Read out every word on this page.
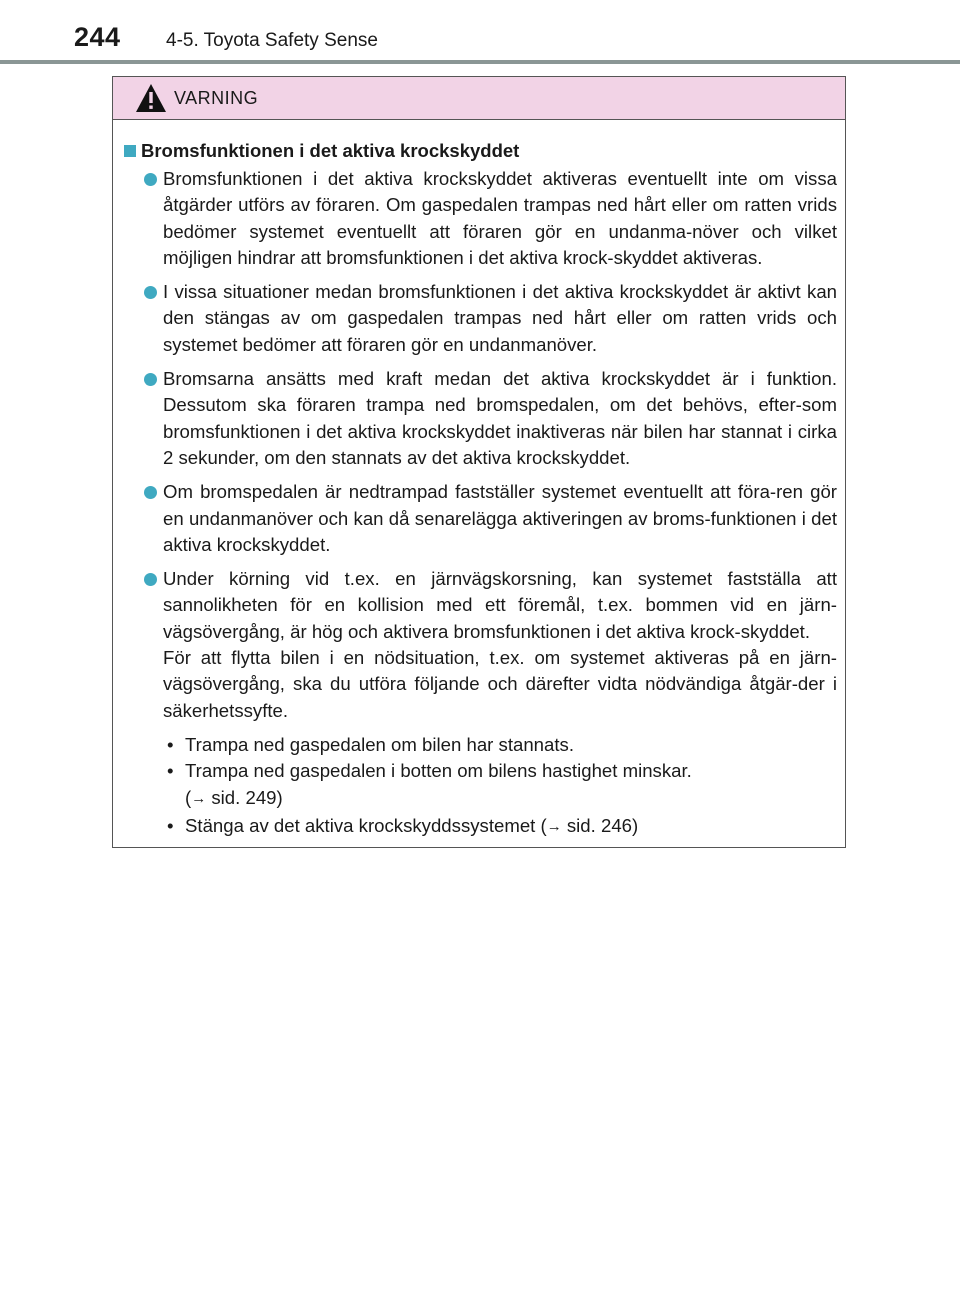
244 4-5. Toyota Safety Sense
VARNING
Bromsfunktionen i det aktiva krockskyddet
Bromsfunktionen i det aktiva krockskyddet aktiveras eventuellt inte om vissa åtgärder utförs av föraren. Om gaspedalen trampas ned hårt eller om ratten vrids bedömer systemet eventuellt att föraren gör en undanma-növer och vilket möjligen hindrar att bromsfunktionen i det aktiva krock-skyddet aktiveras.
I vissa situationer medan bromsfunktionen i det aktiva krockskyddet är aktivt kan den stängas av om gaspedalen trampas ned hårt eller om ratten vrids och systemet bedömer att föraren gör en undanmanöver.
Bromsarna ansätts med kraft medan det aktiva krockskyddet är i funktion. Dessutom ska föraren trampa ned bromspedalen, om det behövs, efter-som bromsfunktionen i det aktiva krockskyddet inaktiveras när bilen har stannat i cirka 2 sekunder, om den stannats av det aktiva krockskyddet.
Om bromspedalen är nedtrampad fastställer systemet eventuellt att föra-ren gör en undanmanöver och kan då senarelägga aktiveringen av broms-funktionen i det aktiva krockskyddet.
Under körning vid t.ex. en järnvägskorsning, kan systemet fastställa att sannolikheten för en kollision med ett föremål, t.ex. bommen vid en järn-vägsövergång, är hög och aktivera bromsfunktionen i det aktiva krock-skyddet.
För att flytta bilen i en nödsituation, t.ex. om systemet aktiveras på en järn-vägsövergång, ska du utföra följande och därefter vidta nödvändiga åtgär-der i säkerhetssyfte.
• Trampa ned gaspedalen om bilen har stannats.
• Trampa ned gaspedalen i botten om bilens hastighet minskar.
(→ sid. 249)
• Stänga av det aktiva krockskyddssystemet (→ sid. 246)
